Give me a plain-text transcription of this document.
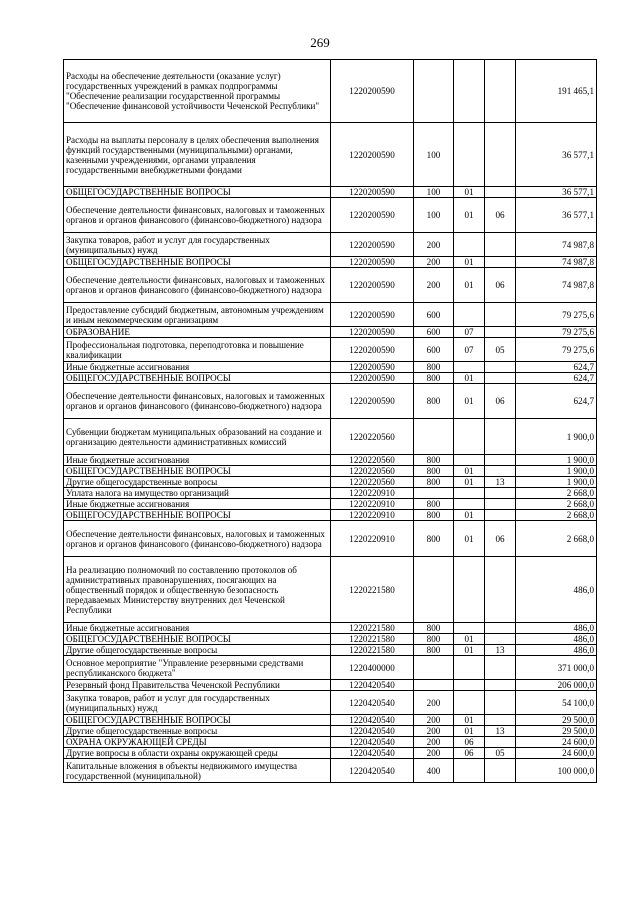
269
Расходы на обеспечение деятельности (оказание услуг) государственных учреждений в рамках подпрограммы "Обеспечение реализации государственной программы "Обеспечение финансовой устойчивости Чеченской Республики"	1220200590				191 465,1
Расходы на выплаты персоналу в целях обеспечения выполнения функций государственными (муниципальными) органами, казенными учреждениями, органами управления государственными внебюджетными фондами	1220200590	100			36 577,1
ОБЩЕГОСУДАРСТВЕННЫЕ ВОПРОСЫ	1220200590	100	01		36 577,1
Обеспечение деятельности финансовых, налоговых и таможенных органов и органов финансового (финансово-бюджетного) надзора	1220200590	100	01	06	36 577,1
Закупка товаров, работ и услуг для государственных (муниципальных) нужд	1220200590	200			74 987,8
ОБЩЕГОСУДАРСТВЕННЫЕ ВОПРОСЫ	1220200590	200	01		74 987,8
Обеспечение деятельности финансовых, налоговых и таможенных органов и органов финансового (финансово-бюджетного) надзора	1220200590	200	01	06	74 987,8
Предоставление субсидий бюджетным, автономным учреждениям и иным некоммерческим организациям	1220200590	600			79 275,6
ОБРАЗОВАНИЕ	1220200590	600	07		79 275,6
Профессиональная подготовка, переподготовка и повышение квалификации	1220200590	600	07	05	79 275,6
Иные бюджетные ассигнования	1220200590	800			624,7
ОБЩЕГОСУДАРСТВЕННЫЕ ВОПРОСЫ	1220200590	800	01		624,7
Обеспечение деятельности финансовых, налоговых и таможенных органов и органов финансового (финансово-бюджетного) надзора	1220200590	800	01	06	624,7
Субвенции бюджетам муниципальных образований на создание и организацию деятельности административных комиссий	1220220560				1 900,0
Иные бюджетные ассигнования	1220220560	800			1 900,0
ОБЩЕГОСУДАРСТВЕННЫЕ ВОПРОСЫ	1220220560	800	01		1 900,0
Другие общегосударственные вопросы	1220220560	800	01	13	1 900,0
Уплата налога на имущество организаций	1220220910				2 668,0
Иные бюджетные ассигнования	1220220910	800			2 668,0
ОБЩЕГОСУДАРСТВЕННЫЕ ВОПРОСЫ	1220220910	800	01		2 668,0
Обеспечение деятельности финансовых, налоговых и таможенных органов и органов финансового (финансово-бюджетного) надзора	1220220910	800	01	06	2 668,0
На реализацию полномочий по составлению протоколов об административных правонарушениях, посягающих на общественный порядок и общественную безопасность передаваемых Министерству внутренних дел Чеченской Республики	1220221580				486,0
Иные бюджетные ассигнования	1220221580	800			486,0
ОБЩЕГОСУДАРСТВЕННЫЕ ВОПРОСЫ	1220221580	800	01		486,0
Другие общегосударственные вопросы	1220221580	800	01	13	486,0
Основное мероприятие "Управление резервными средствами республиканского бюджета"	1220400000				371 000,0
Резервный фонд Правительства Чеченской Республики	1220420540				206 000,0
Закупка товаров, работ и услуг для государственных (муниципальных) нужд	1220420540	200			54 100,0
ОБЩЕГОСУДАРСТВЕННЫЕ ВОПРОСЫ	1220420540	200	01		29 500,0
Другие общегосударственные вопросы	1220420540	200	01	13	29 500,0
ОХРАНА ОКРУЖАЮЩЕЙ СРЕДЫ	1220420540	200	06		24 600,0
Другие вопросы в области охраны окружающей среды	1220420540	200	06	05	24 600,0
Капитальные вложения в объекты недвижимого имущества государственной (муниципальной)	1220420540	400			100 000,0
